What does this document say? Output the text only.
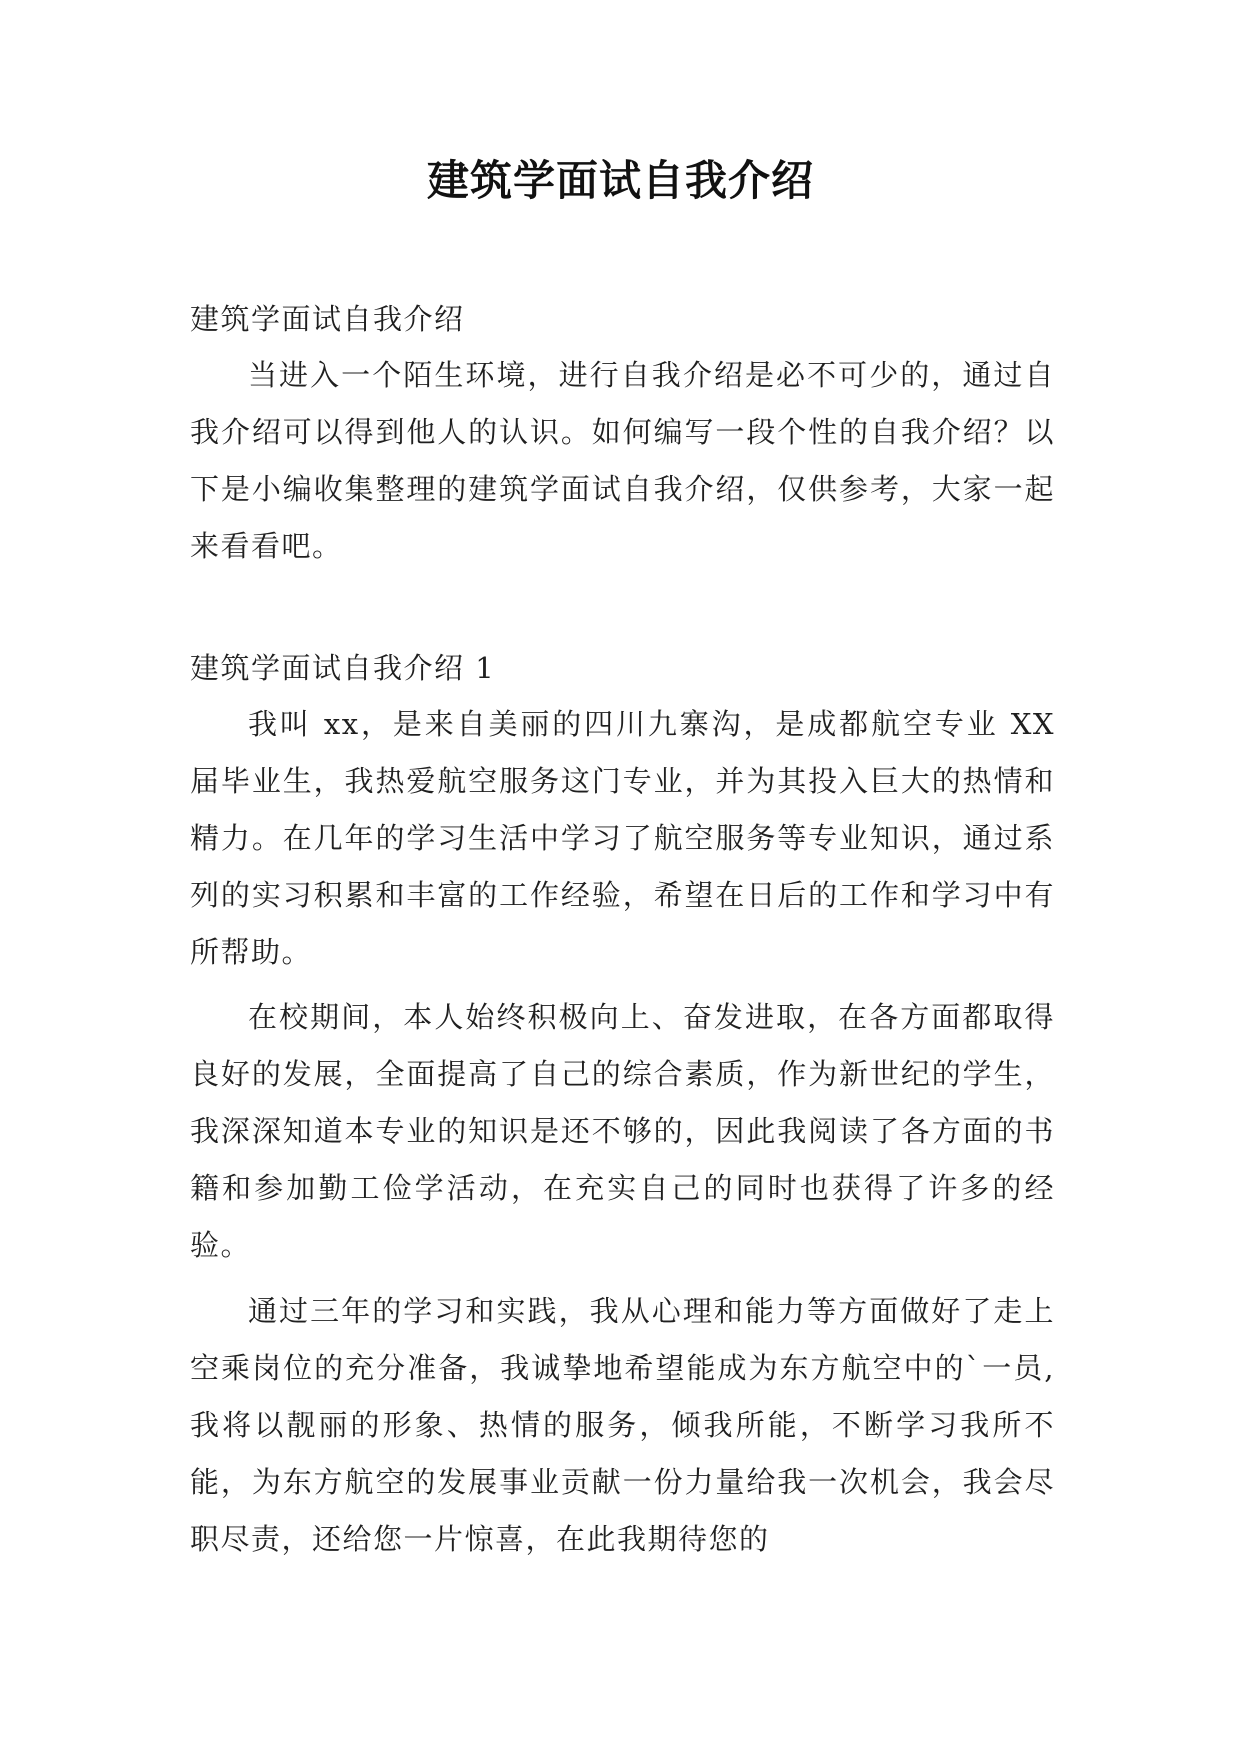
建筑学面试自我介绍

建筑学面试自我介绍

当进入一个陌生环境，进行自我介绍是必不可少的，通过自我介绍可以得到他人的认识。如何编写一段个性的自我介绍？以下是小编收集整理的建筑学面试自我介绍，仅供参考，大家一起来看看吧。

建筑学面试自我介绍 1

我叫 xx，是来自美丽的四川九寨沟，是成都航空专业 XX 届毕业生，我热爱航空服务这门专业，并为其投入巨大的热情和精力。在几年的学习生活中学习了航空服务等专业知识，通过系列的实习积累和丰富的工作经验，希望在日后的工作和学习中有所帮助。

在校期间，本人始终积极向上、奋发进取，在各方面都取得良好的发展，全面提高了自己的综合素质，作为新世纪的学生，我深深知道本专业的知识是还不够的，因此我阅读了各方面的书籍和参加勤工俭学活动，在充实自己的同时也获得了许多的经验。

通过三年的学习和实践，我从心理和能力等方面做好了走上空乘岗位的充分准备，我诚挚地希望能成为东方航空中的`一员,我将以靓丽的形象、热情的服务，倾我所能，不断学习我所不能，为东方航空的发展事业贡献一份力量给我一次机会，我会尽职尽责，还给您一片惊喜，在此我期待您的
